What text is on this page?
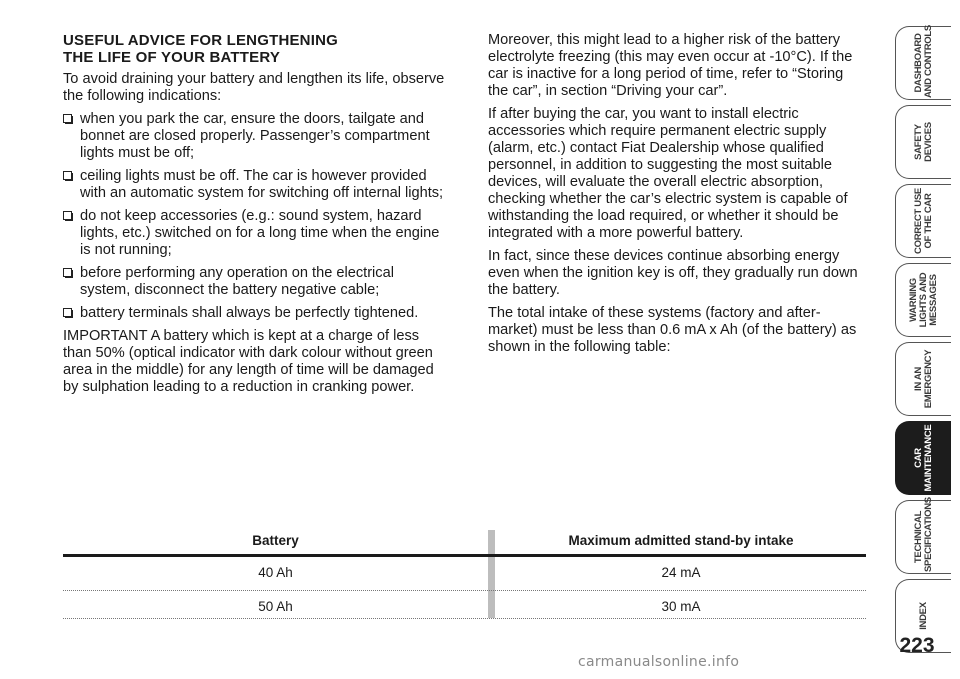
USEFUL ADVICE FOR LENGTHENING
THE LIFE OF YOUR BATTERY

To avoid draining your battery and lengthen its life, observe the following indications:

when you park the car, ensure the doors, tailgate and bonnet are closed properly. Passenger’s compartment lights must be off;
ceiling lights must be off. The car is however provided with an automatic system for switching off internal lights;
do not keep accessories (e.g.: sound system, hazard lights, etc.) switched on for a long time when the engine is not running;
before performing any operation on the electrical system, disconnect the battery negative cable;
battery terminals shall always be perfectly tightened.

IMPORTANT A battery which is kept at a charge of less than 50% (optical indicator with dark colour without green area in the middle) for any length of time will be damaged by sulphation leading to a reduction in cranking power.

Moreover, this might lead to a higher risk of the battery electrolyte freezing (this may even occur at -10°C). If the car is inactive for a long period of time, refer to “Storing the car”, in section “Driving your car”.

If after buying the car, you want to install electric accessories which require permanent electric supply (alarm, etc.) contact Fiat Dealership whose qualified personnel, in addition to suggesting the most suitable devices, will evaluate the overall electric absorption, checking whether the car’s electric system is capable of withstanding the load required, or whether it should be integrated with a more powerful battery.

In fact, since these devices continue absorbing energy even when the ignition key is off, they gradually run down the battery.

The total intake of these systems (factory and after-market) must be less than 0.6 mA x Ah (of the battery) as shown in the following table:

Battery	Maximum admitted stand-by intake
40 Ah	24 mA
50 Ah	30 mA
DASHBOARD AND CONTROLS
SAFETY DEVICES
CORRECT USE OF THE CAR
WARNING LIGHTS AND MESSAGES
IN AN EMERGENCY
CAR MAINTENANCE
TECHNICAL SPECIFICATIONS
INDEX
223
carmanualsonline.info
